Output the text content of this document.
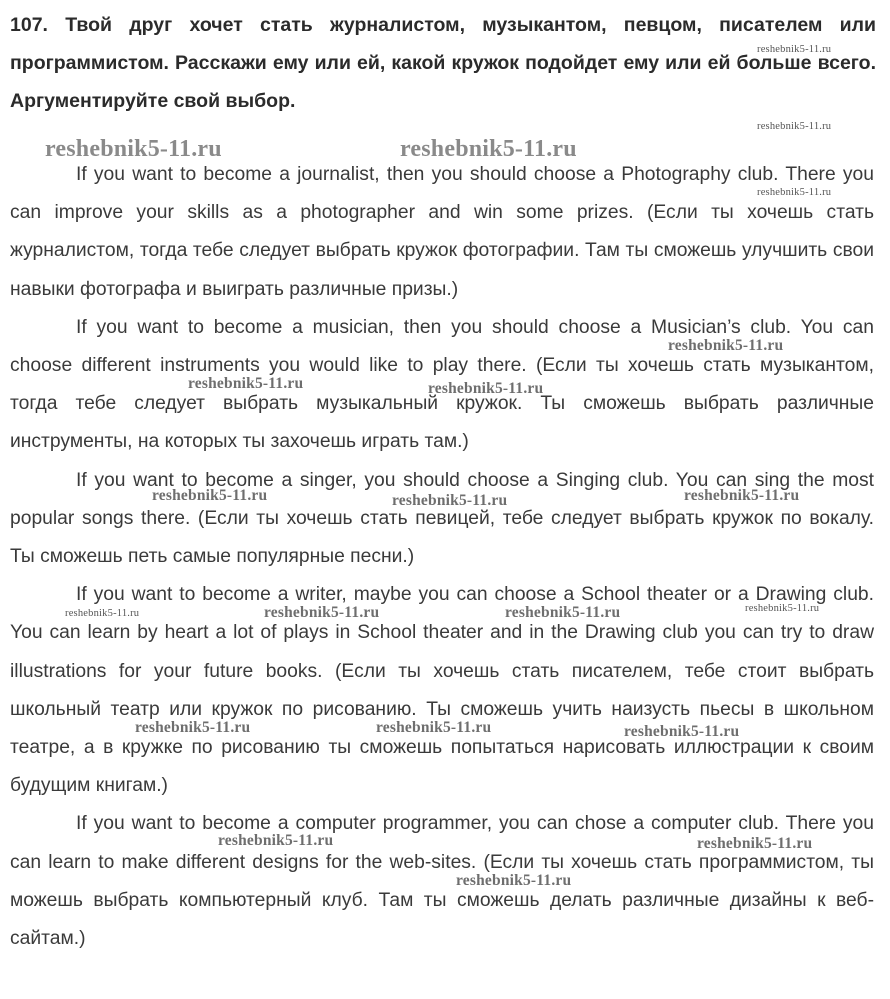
107. Твой друг хочет стать журналистом, музыкантом, певцом, писателем или программистом. Расскажи ему или ей, какой кружок подойдет ему или ей больше всего. Аргументируйте свой выбор.

If you want to become a journalist, then you should choose a Photography club. There you can improve your skills as a photographer and win some prizes. (Если ты хочешь стать журналистом, тогда тебе следует выбрать кружок фотографии. Там ты сможешь улучшить свои навыки фотографа и выиграть различные призы.)

If you want to become a musician, then you should choose a Musician’s club. You can choose different instruments you would like to play there. (Если ты хочешь стать музыкантом, тогда тебе следует выбрать музыкальный кружок. Ты сможешь выбрать различные инструменты, на которых ты захочешь играть там.)

If you want to become a singer, you should choose a Singing club. You can sing the most popular songs there. (Если ты хочешь стать певицей, тебе следует выбрать кружок по вокалу. Ты сможешь петь самые популярные песни.)

If you want to become a writer, maybe you can choose a School theater or a Drawing club. You can learn by heart a lot of plays in School theater and in the Drawing club you can try to draw illustrations for your future books. (Если ты хочешь стать писателем, тебе стоит выбрать школьный театр или кружок по рисованию. Ты сможешь учить наизусть пьесы в школьном театре, а в кружке по рисованию ты сможешь попытаться нарисовать иллюстрации к своим будущим книгам.)

If you want to become a computer programmer, you can chose a computer club. There you can learn to make different designs for the web-sites. (Если ты хочешь стать программистом, ты можешь выбрать компьютерный клуб. Там ты сможешь делать различные дизайны к веб-сайтам.)

reshebnik5-11.ru
reshebnik5-11.ru
reshebnik5-11.ru	reshebnik5-11.ru
reshebnik5-11.ru
reshebnik5-11.ru
reshebnik5-11.ru	reshebnik5-11.ru
reshebnik5-11.ru	reshebnik5-11.ru	reshebnik5-11.ru
reshebnik5-11.ru	reshebnik5-11.ru	reshebnik5-11.ru	reshebnik5-11.ru
reshebnik5-11.ru	reshebnik5-11.ru	reshebnik5-11.ru
reshebnik5-11.ru	reshebnik5-11.ru
reshebnik5-11.ru
